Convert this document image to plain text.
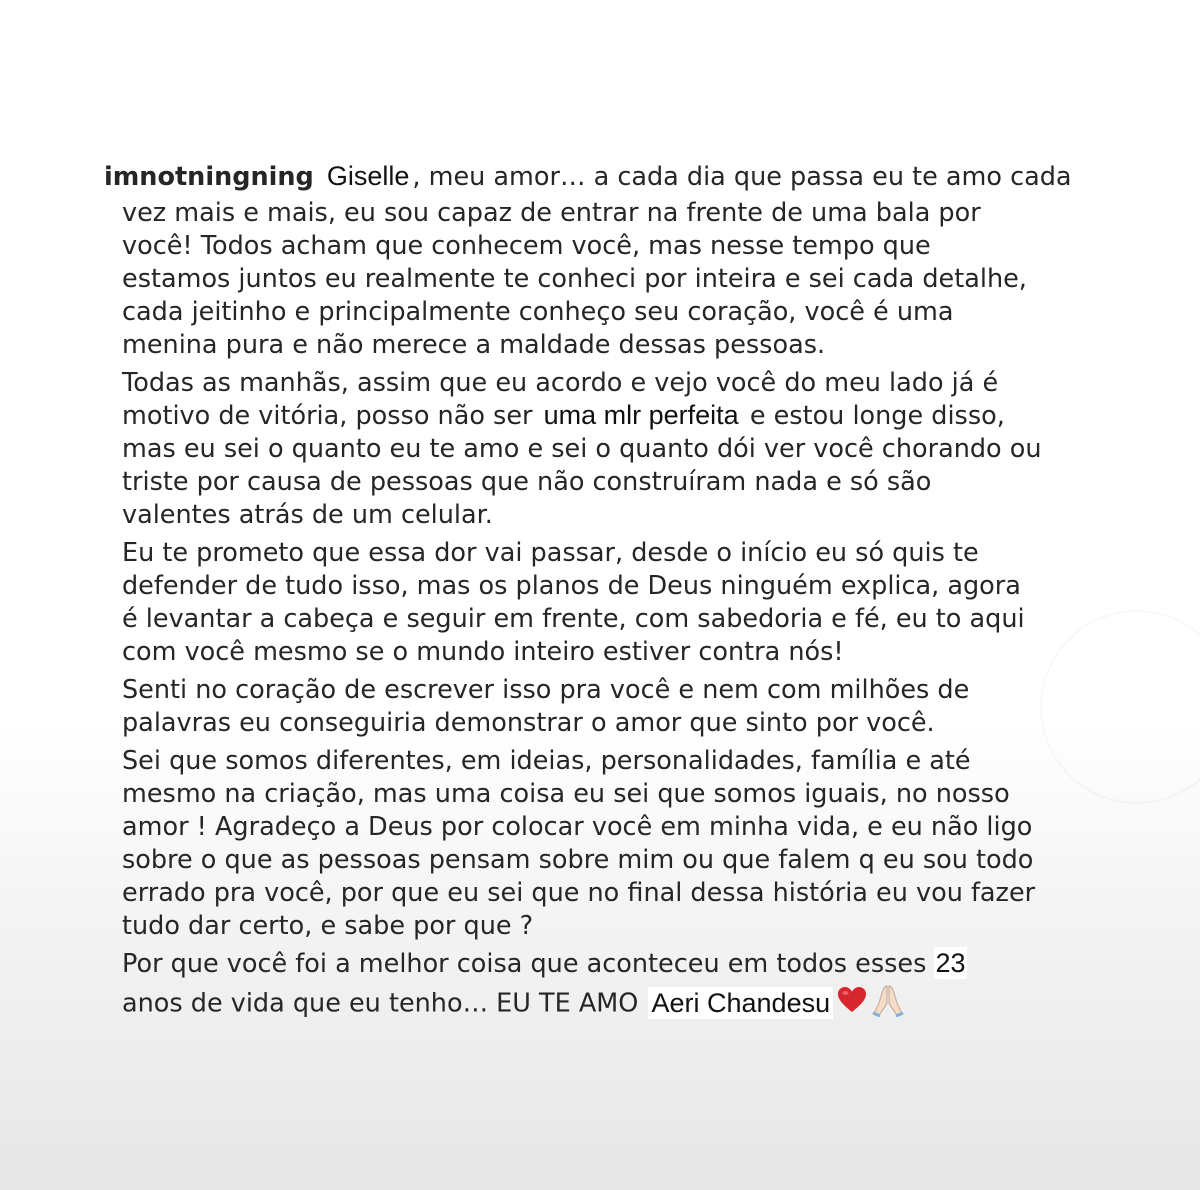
imnotningning Giselle , meu amor… a cada dia que passa eu te amo cada
vez mais e mais, eu sou capaz de entrar na frente de uma bala por
você! Todos acham que conhecem você, mas nesse tempo que
estamos juntos eu realmente te conheci por inteira e sei cada detalhe,
cada jeitinho e principalmente conheço seu coração, você é uma
menina pura e não merece a maldade dessas pessoas.
Todas as manhãs, assim que eu acordo e vejo você do meu lado já é
motivo de vitória, posso não ser uma mlr perfeita e estou longe disso,
mas eu sei o quanto eu te amo e sei o quanto dói ver você chorando ou
triste por causa de pessoas que não construíram nada e só são
valentes atrás de um celular.
Eu te prometo que essa dor vai passar, desde o início eu só quis te
defender de tudo isso, mas os planos de Deus ninguém explica, agora
é levantar a cabeça e seguir em frente, com sabedoria e fé, eu to aqui
com você mesmo se o mundo inteiro estiver contra nós!
Senti no coração de escrever isso pra você e nem com milhões de
palavras eu conseguiria demonstrar o amor que sinto por você.
Sei que somos diferentes, em ideias, personalidades, família e até
mesmo na criação, mas uma coisa eu sei que somos iguais, no nosso
amor ! Agradeço a Deus por colocar você em minha vida, e eu não ligo
sobre o que as pessoas pensam sobre mim ou que falem q eu sou todo
errado pra você, por que eu sei que no final dessa história eu vou fazer
tudo dar certo, e sabe por que ?
Por que você foi a melhor coisa que aconteceu em todos esses 23
anos de vida que eu tenho… EU TE AMO Aeri Chandesu
